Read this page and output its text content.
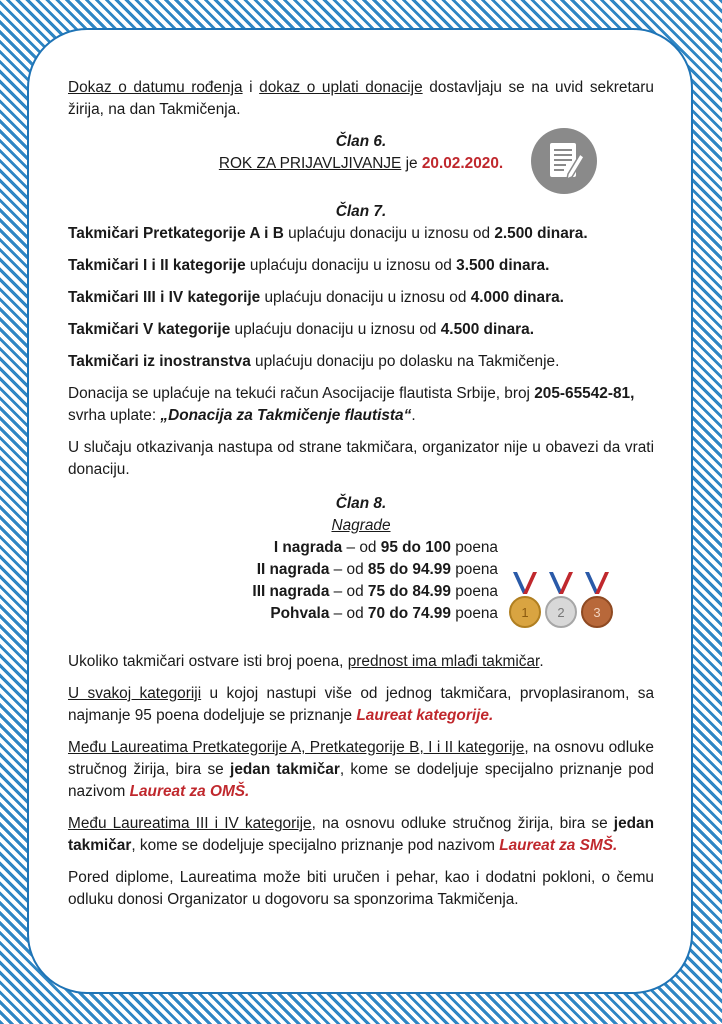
1 2 3

Dokaz o datumu rođenja i dokaz o uplati donacije dostavljaju se na uvid sekretaru žirija, na dan Takmičenja.

Član 6.

ROK ZA PRIJAVLJIVANJE je 20.02.2020.

Član 7.

Takmičari Pretkategorije A i B uplaćuju donaciju u iznosu od 2.500 dinara.

Takmičari I i II kategorije uplaćuju donaciju u iznosu od 3.500 dinara.

Takmičari III i IV kategorije uplaćuju donaciju u iznosu od 4.000 dinara.

Takmičari V kategorije uplaćuju donaciju u iznosu od 4.500 dinara.

Takmičari iz inostranstva uplaćuju donaciju po dolasku na Takmičenje.

Donacija se uplaćuje na tekući račun Asocijacije flautista Srbije, broj 205-65542-81, svrha uplate: „Donacija za Takmičenje flautista“.

U slučaju otkazivanja nastupa od strane takmičara, organizator nije u obavezi da vrati donaciju.

Član 8.

Nagrade

I nagrada – od 95 do 100 poena

II nagrada – od 85 do 94.99 poena

III nagrada – od 75 do 84.99 poena

Pohvala – od 70 do 74.99 poena

Ukoliko takmičari ostvare isti broj poena, prednost ima mlađi takmičar.

U svakoj kategoriji u kojoj nastupi više od jednog takmičara, prvoplasiranom, sa najmanje 95 poena dodeljuje se priznanje Laureat kategorije.

Među Laureatima Pretkategorije A, Pretkategorije B, I i II kategorije, na osnovu odluke stručnog žirija, bira se jedan takmičar, kome se dodeljuje specijalno priznanje pod nazivom Laureat za OMŠ.

Među Laureatima III i IV kategorije, na osnovu odluke stručnog žirija, bira se jedan takmičar, kome se dodeljuje specijalno priznanje pod nazivom Laureat za SMŠ.

Pored diplome, Laureatima može biti uručen i pehar, kao i dodatni pokloni, o čemu odluku donosi Organizator u dogovoru sa sponzorima Takmičenja.
